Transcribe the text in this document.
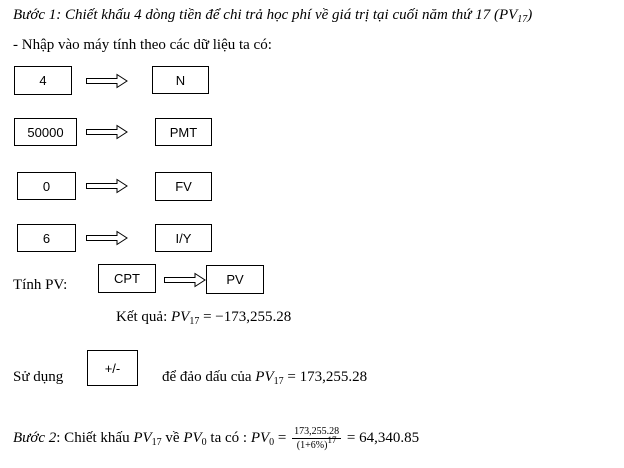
Bước 1: Chiết khấu 4 dòng tiền để chi trả học phí về giá trị tại cuối năm thứ 17 $(PV_{17})$
- Nhập vào máy tính theo các dữ liệu ta có:
4	N
50000	PMT
0	FV
6	I/Y
Tính PV:	CPT	PV
Kết quả: $PV_{17} = -173,255.28$
Sử dụng
+/-
để đảo dấu của $PV_{17} = 173,255.28$
Bước 2: Chiết khấu $PV_{17}$ về $PV_0$ ta có : $PV_0 = \frac{173,255.28}{(1+6\%)^{17}} = 64,340.85$
